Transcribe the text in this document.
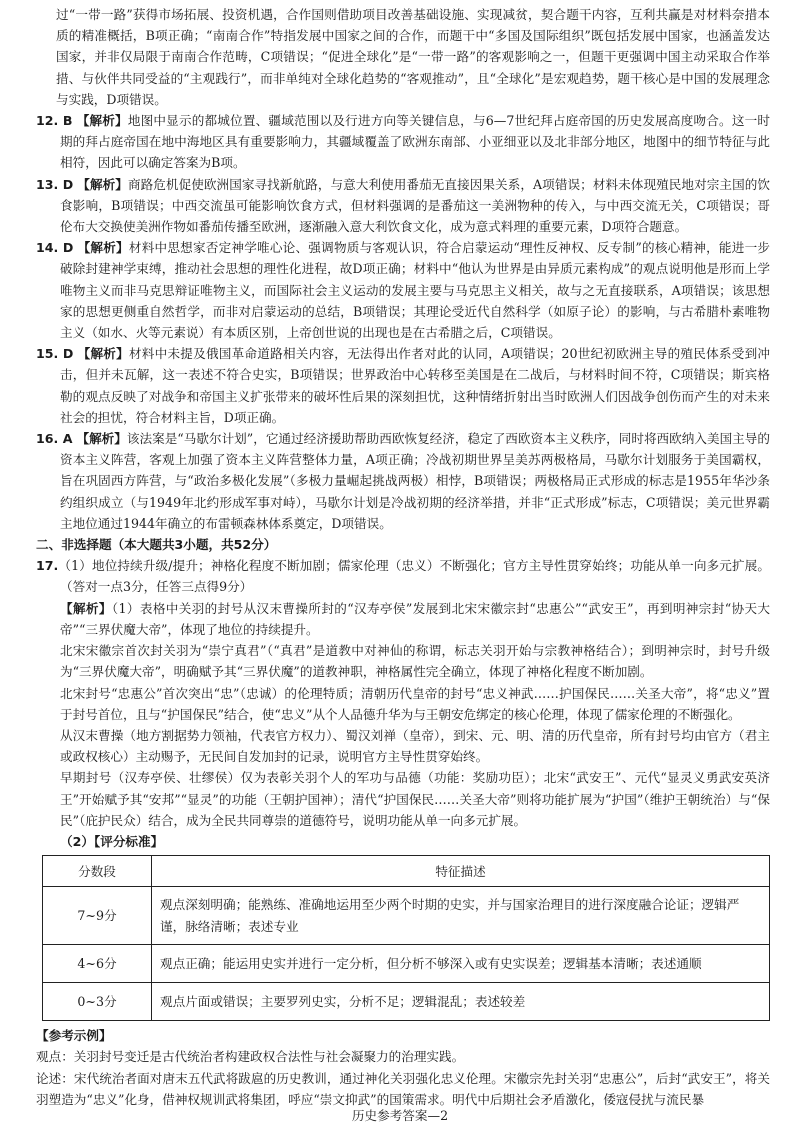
过“一带一路”获得市场拓展、投资机遇，合作国则借助项目改善基础设施、实现减贫，契合题干内容，互利共赢是对材料奈措本质的精准概括，B项正确；“南南合作”特指发展中国家之间的合作，而题干中“多国及国际组织”既包括发展中国家，也涵盖发达国家，并非仅局限于南南合作范畴，C项错误；“促进全球化”是“一带一路”的客观影响之一，但题干更强调中国主动采取合作举措、与伙伴共同受益的“主观践行”，而非单纯对全球化趋势的“客观推动”，且“全球化”是宏观趋势，题干核心是中国的发展理念与实践，D项错误。

12. B 【解析】地图中显示的都城位置、疆域范围以及行进方向等关键信息，与6—7世纪拜占庭帝国的历史发展高度吻合。这一时期的拜占庭帝国在地中海地区具有重要影响力，其疆域覆盖了欧洲东南部、小亚细亚以及北非部分地区，地图中的细节特征与此相符，因此可以确定答案为B项。

13. D 【解析】商路危机促使欧洲国家寻找新航路，与意大利使用番茄无直接因果关系，A项错误；材料未体现殖民地对宗主国的饮食影响，B项错误；中西交流虽可能影响饮食方式，但材料强调的是番茄这一美洲物种的传入，与中西交流无关，C项错误；哥伦布大交换使美洲作物如番茄传播至欧洲，逐渐融入意大利饮食文化，成为意式料理的重要元素，D项符合题意。

14. D 【解析】材料中思想家否定神学唯心论、强调物质与客观认识，符合启蒙运动“理性反神权、反专制”的核心精神，能进一步破除封建神学束缚，推动社会思想的理性化进程，故D项正确；材料中“他认为世界是由异质元素构成”的观点说明他是形而上学唯物主义而非马克思辩证唯物主义，而国际社会主义运动的发展主要与马克思主义相关，故与之无直接联系，A项错误；该思想家的思想更侧重自然哲学，而非对启蒙运动的总结，B项错误；其理论受近代自然科学（如原子论）的影响，与古希腊朴素唯物主义（如水、火等元素说）有本质区别，上帝创世说的出现也是在古希腊之后，C项错误。

15. D 【解析】材料中未提及俄国革命道路相关内容，无法得出作者对此的认同，A项错误；20世纪初欧洲主导的殖民体系受到冲击，但并未瓦解，这一表述不符合史实，B项错误；世界政治中心转移至美国是在二战后，与材料时间不符，C项错误；斯宾格勒的观点反映了对战争和帝国主义扩张带来的破坏性后果的深刻担忧，这种情绪折射出当时欧洲人们因战争创伤而产生的对未来社会的担忧，符合材料主旨，D项正确。

16. A 【解析】该法案是“马歇尔计划”，它通过经济援助帮助西欧恢复经济，稳定了西欧资本主义秩序，同时将西欧纳入美国主导的资本主义阵营，客观上加强了资本主义阵营整体力量，A项正确；冷战初期世界呈美苏两极格局，马歇尔计划服务于美国霸权，旨在巩固西方阵营，与“政治多极化发展”（多极力量崛起挑战两极）相悖，B项错误；两极格局正式形成的标志是1955年华沙条约组织成立（与1949年北约形成军事对峙），马歇尔计划是冷战初期的经济举措，并非“正式形成”标志，C项错误；美元世界霸主地位通过1944年确立的布雷顿森林体系奠定，D项错误。

二、非选择题（本大题共3小题，共52分）

17.（1）地位持续升级/提升；神格化程度不断加剧；儒家伦理（忠义）不断强化；官方主导性贯穿始终；功能从单一向多元扩展。（答对一点3分，任答三点得9分）

【解析】（1）表格中关羽的封号从汉末曹操所封的“汉寿亭侯”发展到北宋宋徽宗封“忠惠公”“武安王”，再到明神宗封“协天大帝”“三界伏魔大帝”，体现了地位的持续提升。

北宋宋徽宗首次封关羽为“崇宁真君”（“真君”是道教中对神仙的称谓，标志关羽开始与宗教神格结合）；到明神宗时，封号升级为“三界伏魔大帝”，明确赋予其“三界伏魔”的道教神职，神格属性完全确立，体现了神格化程度不断加剧。

北宋封号“忠惠公”首次突出“忠”（忠诚）的伦理特质；清朝历代皇帝的封号“忠义神武……护国保民……关圣大帝”，将“忠义”置于封号首位，且与“护国保民”结合，使“忠义”从个人品德升华为与王朝安危绑定的核心伦理，体现了儒家伦理的不断强化。

从汉末曹操（地方割据势力领袖，代表官方权力）、蜀汉刘禅（皇帝），到宋、元、明、清的历代皇帝，所有封号均由官方（君主或政权核心）主动赐予，无民间自发加封的记录，说明官方主导性贯穿始终。

早期封号（汉寿亭侯、壮缪侯）仅为表彰关羽个人的军功与品德（功能：奖励功臣）；北宋“武安王”、元代“显灵义勇武安英济王”开始赋予其“安邦”“显灵”的功能（王朝护国神）；清代“护国保民……关圣大帝”则将功能扩展为“护国”（维护王朝统治）与“保民”（庇护民众）结合，成为全民共同尊崇的道德符号，说明功能从单一向多元扩展。

（2）【评分标准】

分数段	特征描述
7~9分	观点深刻明确；能熟练、准确地运用至少两个时期的史实，并与国家治理目的进行深度融合论证；逻辑严谨，脉络清晰；表述专业
4~6分	观点正确；能运用史实并进行一定分析，但分析不够深入或有史实误差；逻辑基本清晰；表述通顺
0~3分	观点片面或错误；主要罗列史实，分析不足；逻辑混乱；表述较差

【参考示例】

观点：关羽封号变迁是古代统治者构建政权合法性与社会凝聚力的治理实践。

论述：宋代统治者面对唐末五代武将跋扈的历史教训，通过神化关羽强化忠义伦理。宋徽宗先封关羽“忠惠公”，后封“武安王”，将关羽塑造为“忠义”化身，借神权规训武将集团，呼应“崇文抑武”的国策需求。明代中后期社会矛盾激化，倭寇侵扰与流民暴

历史参考答案—2
